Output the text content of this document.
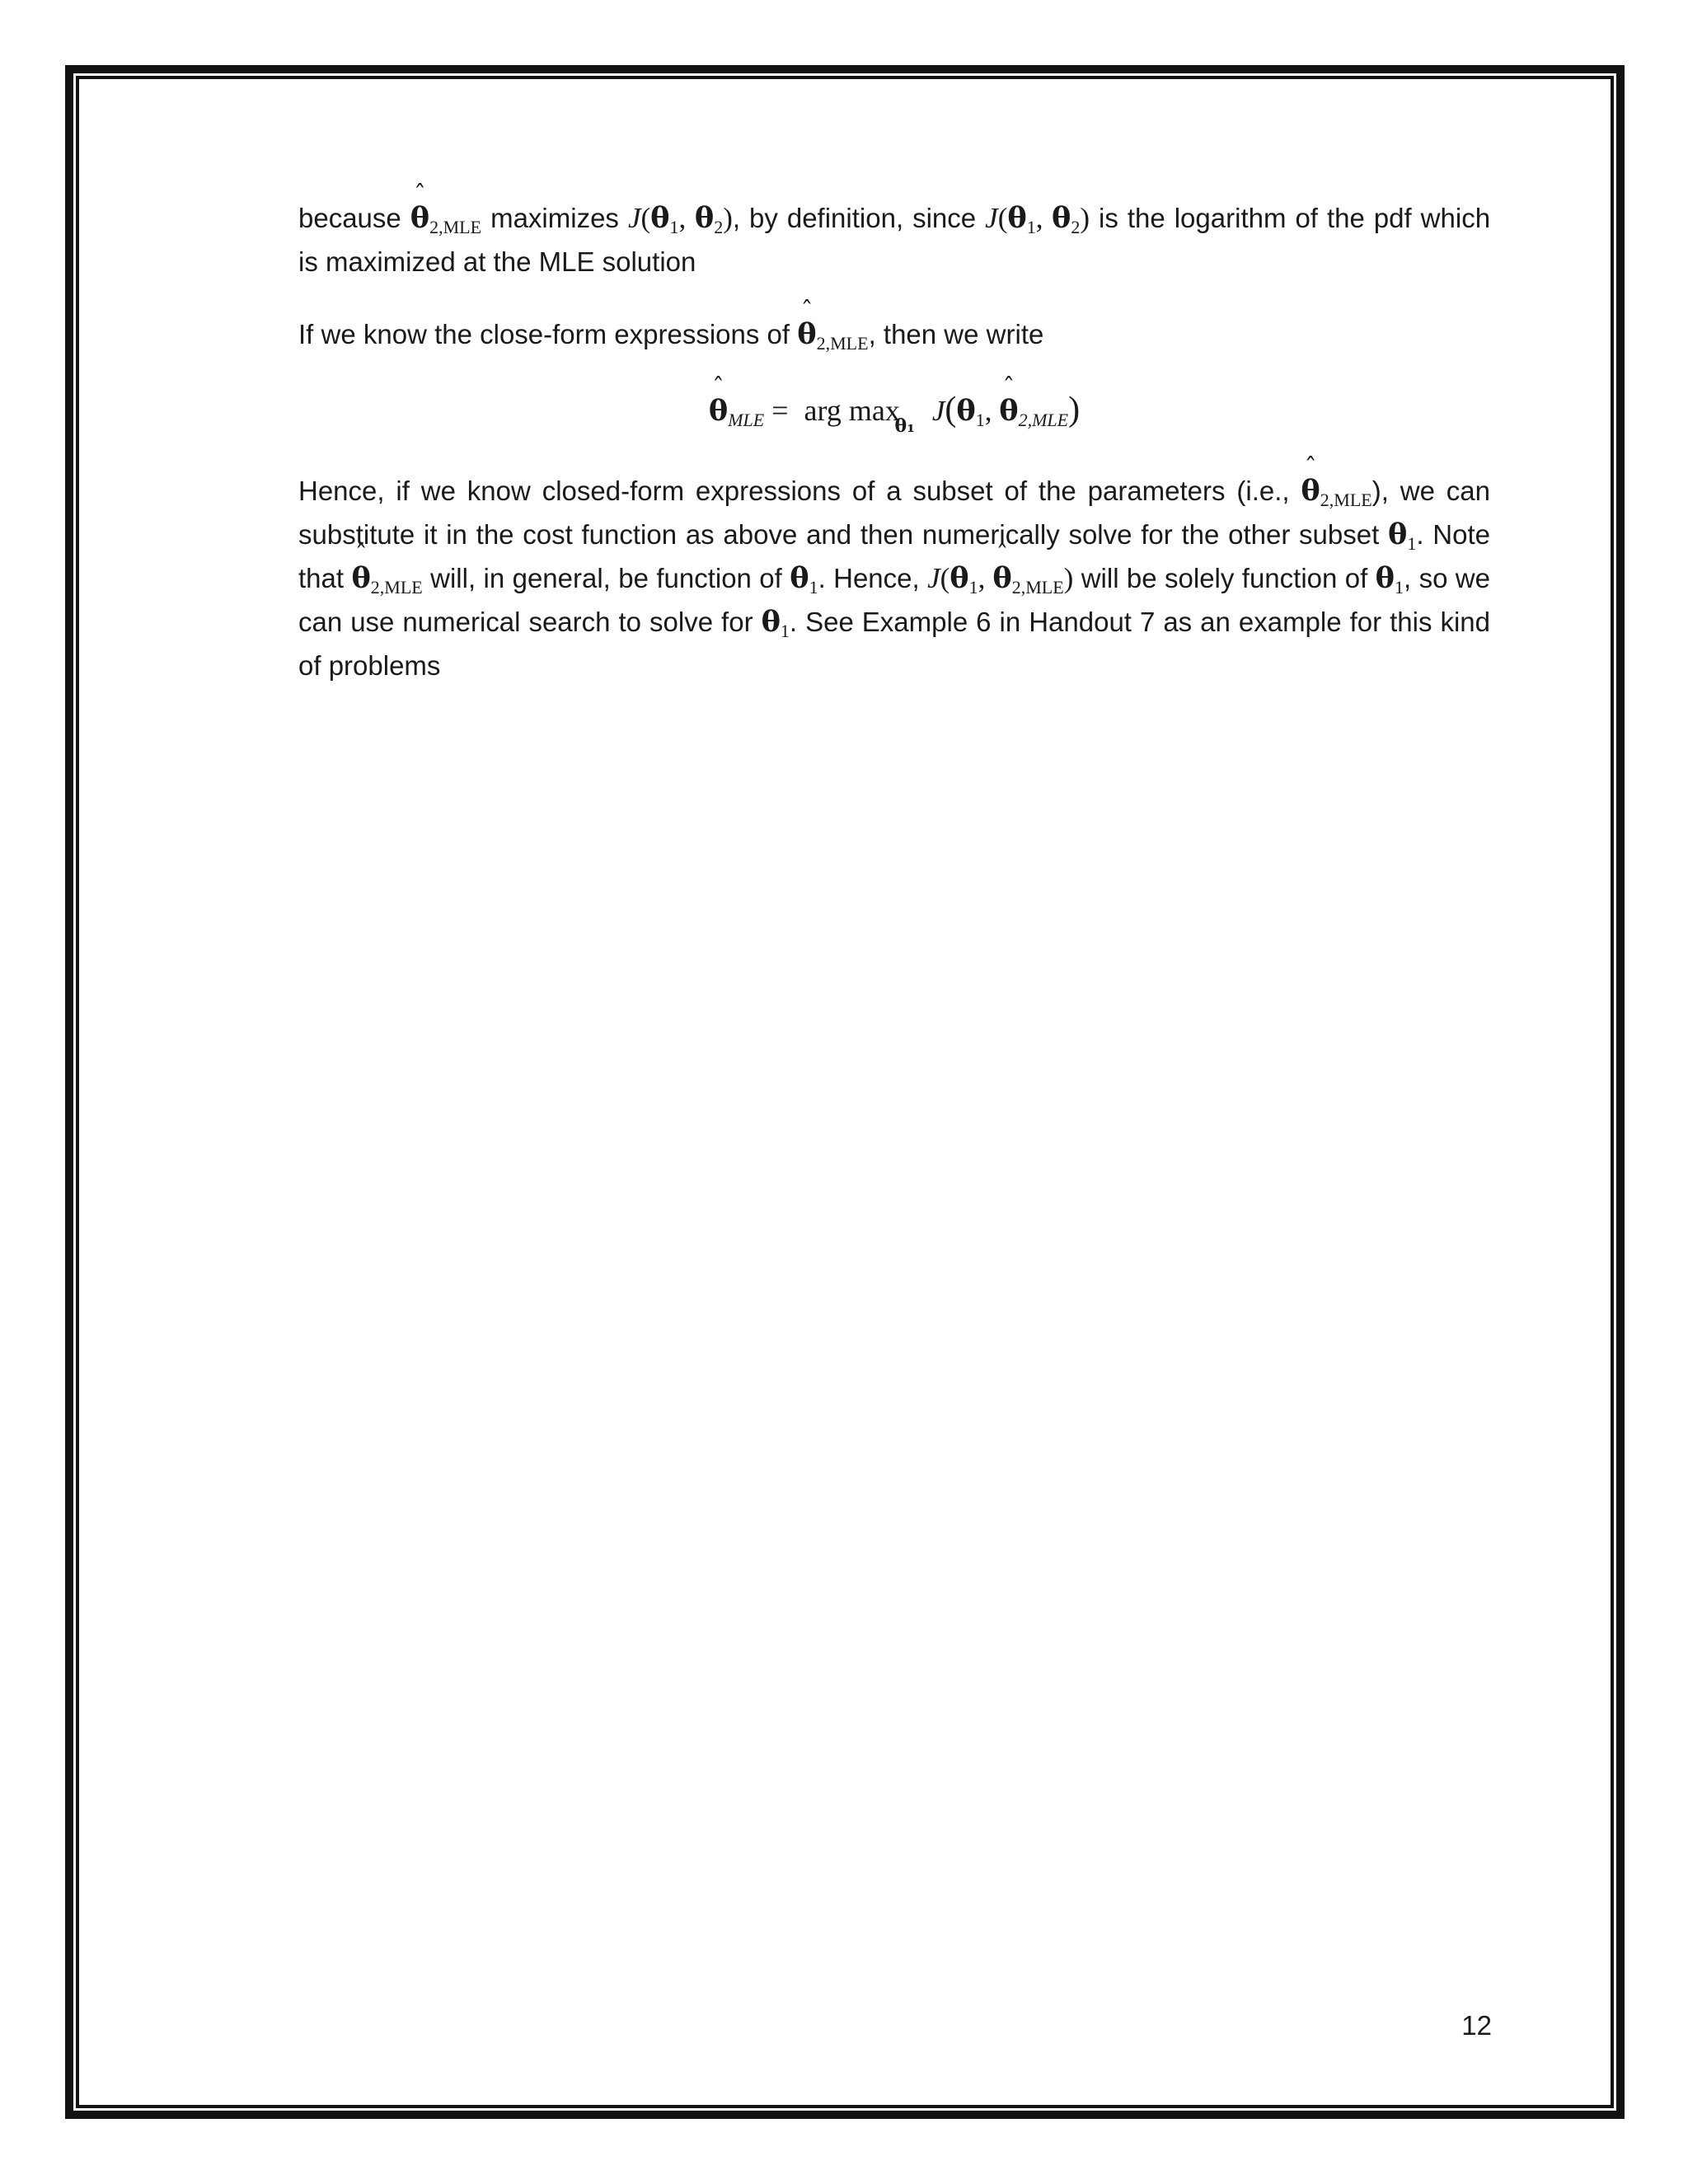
because ˆ $\theta_{2,MLE}$ maximizes $J(\theta_1$, $\theta_2$), by definition, since $J(\theta_1$, $\theta_2$) is the logarithm of the pdf which is maximized at the MLE solution

If we know the close-form expressions of ˆ $\theta_{2,MLE}$, then we write

ˆ $\theta_{MLE}$ = arg max
θ₁ $J(\theta_1$, ˆ $\theta_{2,MLE}$)

Hence, if we know closed-form expressions of a subset of the parameters (i.e., ˆ $\theta_{2,MLE}$), we can substitute it in the cost function as above and then numerically solve for the other subset $\theta_1$. Note that ˆ $\theta_{2,MLE}$ will, in general, be function of $\theta_1$. Hence, $J(\theta_1$, ˆ $\theta_{2,MLE}$) will be solely function of $\theta_1$, so we can use numerical search to solve for $\theta_1$. See Example 6 in Handout 7 as an example for this kind of problems

12
